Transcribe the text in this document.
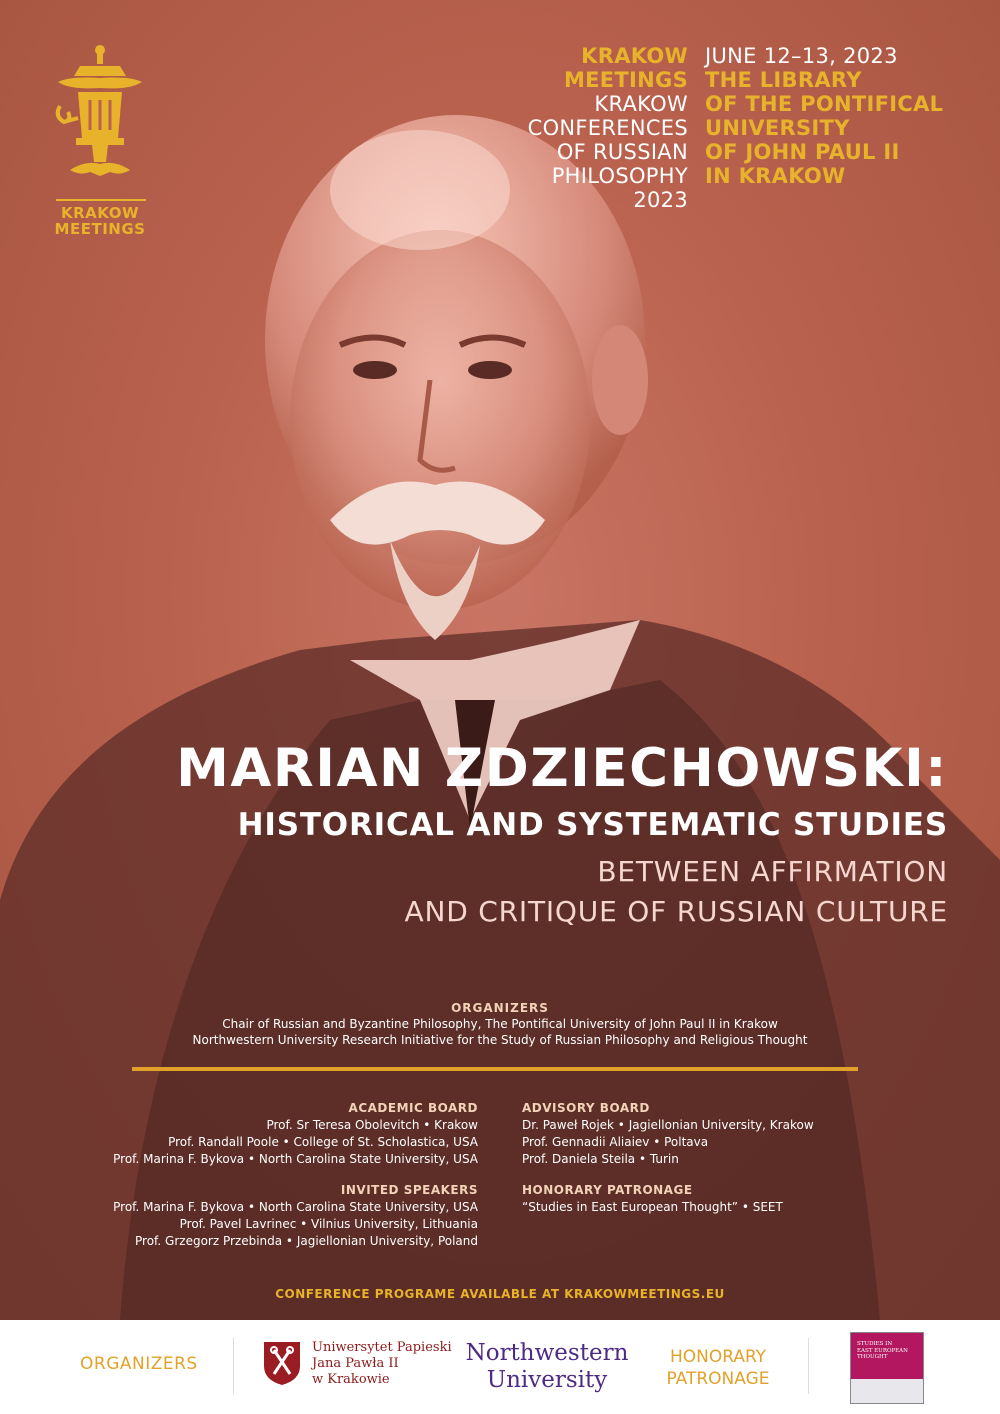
KRAKOW
MEETINGS
KRAKOW
MEETINGS
KRAKOW
CONFERENCES
OF RUSSIAN
PHILOSOPHY
2023
JUNE 12–13, 2023
THE LIBRARY
OF THE PONTIFICAL
UNIVERSITY
OF JOHN PAUL II
IN KRAKOW
MARIAN ZDZIECHOWSKI:
HISTORICAL AND SYSTEMATIC STUDIES
BETWEEN AFFIRMATION
AND CRITIQUE OF RUSSIAN CULTURE
ORGANIZERS
Chair of Russian and Byzantine Philosophy, The Pontifical University of John Paul II in Krakow
Northwestern University Research Initiative for the Study of Russian Philosophy and Religious Thought
ACADEMIC BOARD
Prof. Sr Teresa Obolevitch • Krakow
Prof. Randall Poole • College of St. Scholastica, USA
Prof. Marina F. Bykova • North Carolina State University, USA
INVITED SPEAKERS
Prof. Marina F. Bykova • North Carolina State University, USA
Prof. Pavel Lavrinec • Vilnius University, Lithuania
Prof. Grzegorz Przebinda • Jagiellonian University, Poland
ADVISORY BOARD
Dr. Paweł Rojek • Jagiellonian University, Krakow
Prof. Gennadii Aliaiev • Poltava
Prof. Daniela Steila • Turin
HONORARY PATRONAGE
“Studies in East European Thought” • SEET
CONFERENCE PROGRAME AVAILABLE AT KRAKOWMEETINGS.EU
ORGANIZERS
Uniwersytet Papieski
Jana Pawła II
w Krakowie
Northwestern
University
HONORARY
PATRONAGE
STUDIES IN
EAST EUROPEAN
THOUGHT
